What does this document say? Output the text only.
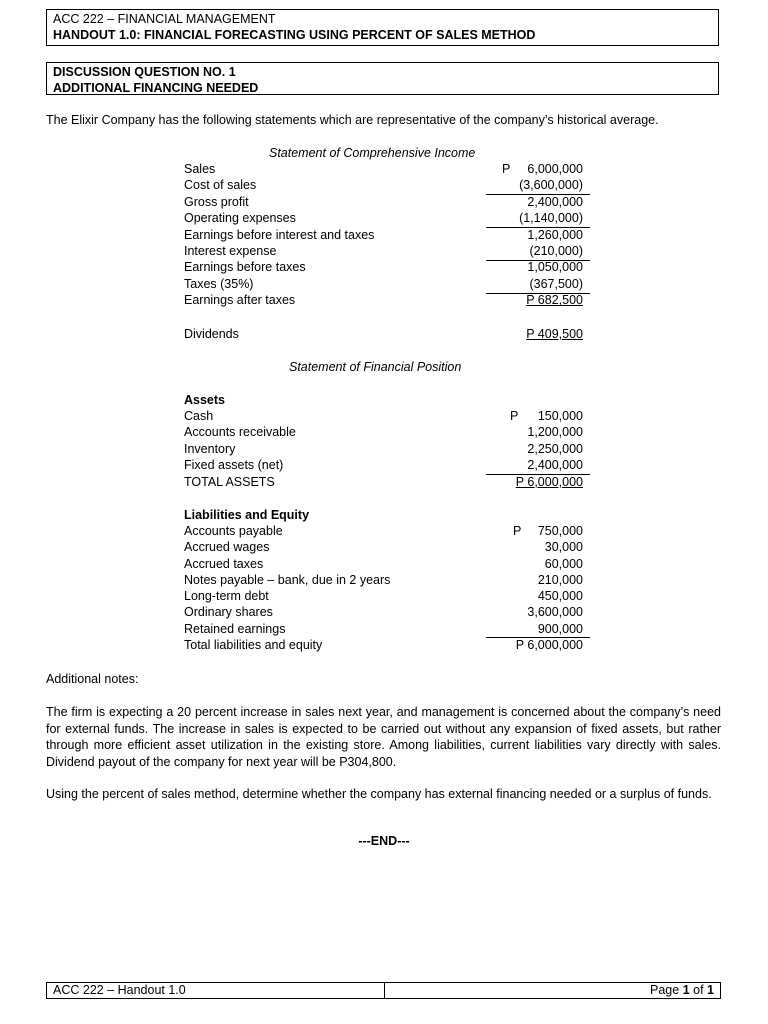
ACC 222 – FINANCIAL MANAGEMENT
HANDOUT 1.0: FINANCIAL FORECASTING USING PERCENT OF SALES METHOD
DISCUSSION QUESTION NO. 1
ADDITIONAL FINANCING NEEDED
The Elixir Company has the following statements which are representative of the company’s historical average.
Statement of Comprehensive Income
Sales	P 6,000,000
Cost of sales	(3,600,000)
Gross profit	2,400,000
Operating expenses	(1,140,000)
Earnings before interest and taxes	1,260,000
Interest expense	(210,000)
Earnings before taxes	1,050,000
Taxes (35%)	(367,500)
Earnings after taxes	P 682,500
Dividends	P 409,500
Statement of Financial Position
Assets
Cash	P 150,000
Accounts receivable	1,200,000
Inventory	2,250,000
Fixed assets (net)	2,400,000
TOTAL ASSETS	P 6,000,000
Liabilities and Equity
Accounts payable	P 750,000
Accrued wages	30,000
Accrued taxes	60,000
Notes payable – bank, due in 2 years	210,000
Long-term debt	450,000
Ordinary shares	3,600,000
Retained earnings	900,000
Total liabilities and equity	P 6,000,000
Additional notes:
The firm is expecting a 20 percent increase in sales next year, and management is concerned about the company’s need for external funds. The increase in sales is expected to be carried out without any expansion of fixed assets, but rather through more efficient asset utilization in the existing store. Among liabilities, current liabilities vary directly with sales. Dividend payout of the company for next year will be P304,800.
Using the percent of sales method, determine whether the company has external financing needed or a surplus of funds.
---END---
ACC 222 – Handout 1.0	Page 1 of 1
